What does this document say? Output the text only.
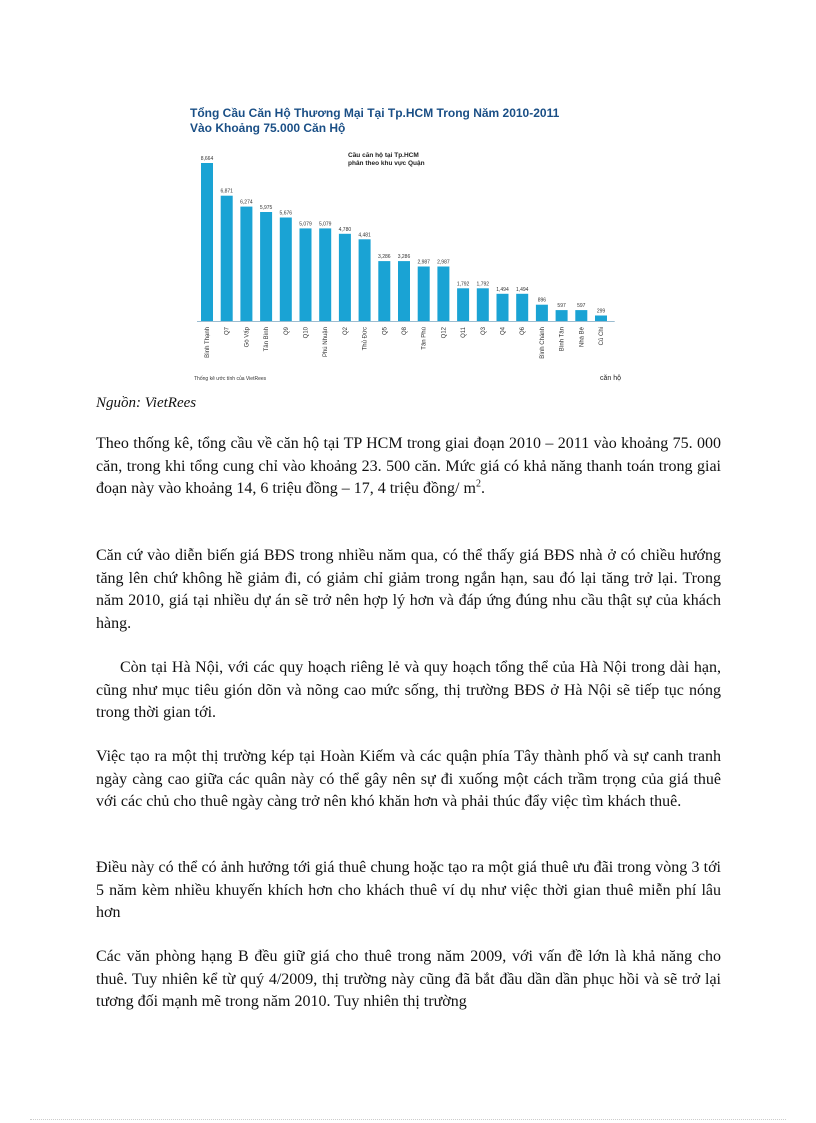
Tổng Cầu Căn Hộ Thương Mại Tại Tp.HCM Trong Năm 2010-2011
Vào Khoảng 75.000 Căn Hộ

8,664
Bình Thạnh
6,871
Q7
6,274
Gò Vấp
5,975
Tân Bình
5,676
Q9
5,079
Q10
5,079
Phú Nhuận
4,780
Q2
4,481
Thủ Đức
3,286
Q5
3,286
Q8
2,987
Tân Phú
2,987
Q12
1,792
Q11
1,792
Q3
1,494
Q4
1,494
Q6
896
Bình Chánh
597
Bình Tân
597
Nhà Bè
299
Củ Chi

Cầu căn hộ tại Tp.HCM
phân theo khu vực Quận

Thống kê ước tính của VietRees	căn hộ

Nguồn: VietRees

Theo thống kê, tổng cầu về căn hộ tại TP HCM trong giai đoạn 2010 – 2011 vào khoảng 75. 000 căn, trong khi tổng cung chỉ vào khoảng 23. 500 căn. Mức giá có khả năng thanh toán trong giai đoạn này vào khoảng 14, 6 triệu đồng – 17, 4 triệu đồng/ $m^2$.

Căn cứ vào diễn biến giá BĐS trong nhiều năm qua, có thể thấy giá BĐS nhà ở có chiều hướng tăng lên chứ không hề giảm đi, có giảm chỉ giảm trong ngắn hạn, sau đó lại tăng trở lại. Trong năm 2010, giá tại nhiều dự án sẽ trở nên hợp lý hơn và đáp ứng đúng nhu cầu thật sự của khách hàng.

Còn tại Hà Nội, với các quy hoạch riêng lẻ và quy hoạch tổng thể của Hà Nội trong dài hạn, cũng như mục tiêu gión dõn và nõng cao mức sống, thị trường BĐS ở Hà Nội sẽ tiếp tục nóng trong thời gian tới.

Việc tạo ra một thị trường kép tại Hoàn Kiếm và các quận phía Tây thành phố và sự canh tranh ngày càng cao giữa các quân này có thể gây nên sự đi xuống một cách trầm trọng của giá thuê với các chủ cho thuê ngày càng trở nên khó khăn hơn và phải thúc đẩy việc tìm khách thuê.

Điều này có thể có ảnh hưởng tới giá thuê chung hoặc tạo ra một giá thuê ưu đãi trong vòng 3 tới 5 năm kèm nhiều khuyến khích hơn cho khách thuê ví dụ như việc thời gian thuê miễn phí lâu hơn

Các văn phòng hạng B đều giữ giá cho thuê trong năm 2009, với vấn đề lớn là khả năng cho thuê. Tuy nhiên kể từ quý 4/2009, thị trường này cũng đã bắt đầu dần dần phục hồi và sẽ trở lại tương đối mạnh mẽ trong năm 2010. Tuy nhiên thị trường
